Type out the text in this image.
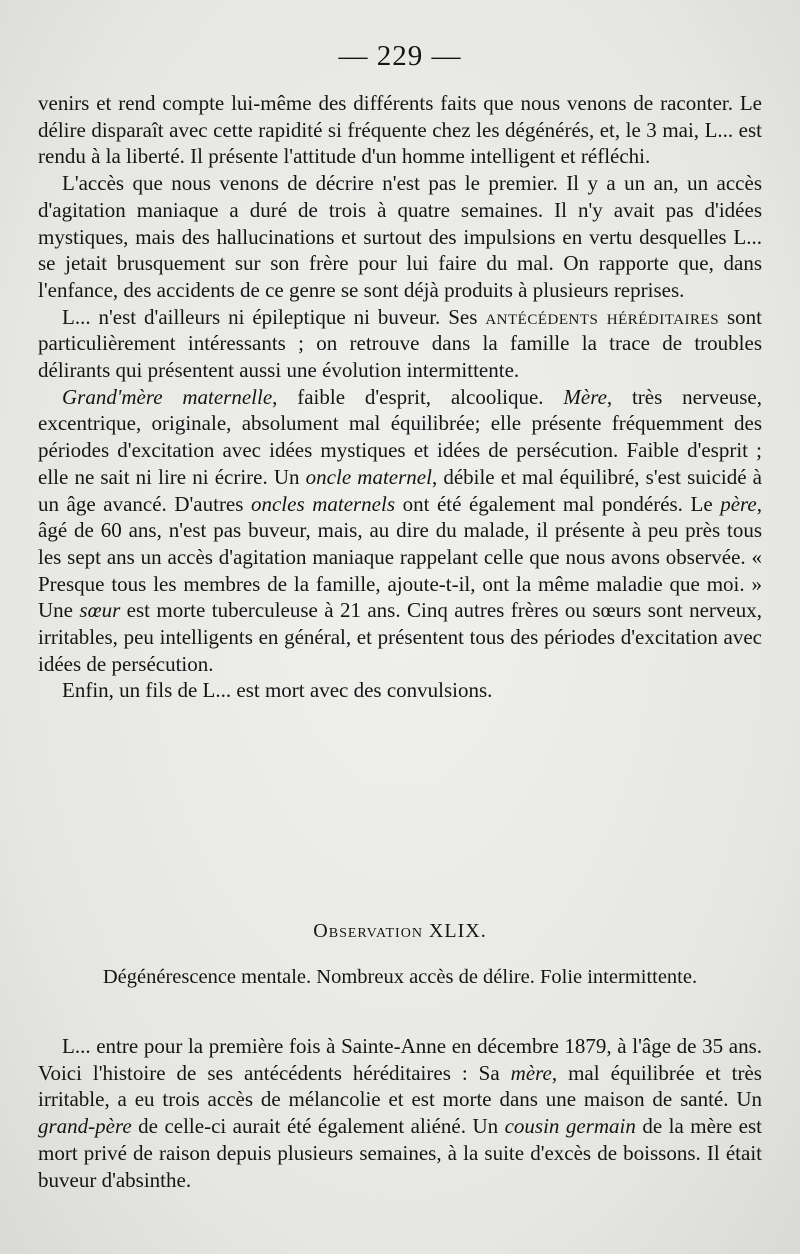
— 229 —

venirs et rend compte lui-même des différents faits que nous venons de raconter. Le délire disparaît avec cette rapidité si fréquente chez les dégénérés, et, le 3 mai, L... est rendu à la liberté. Il présente l'attitude d'un homme intelligent et réfléchi.

L'accès que nous venons de décrire n'est pas le premier. Il y a un an, un accès d'agitation maniaque a duré de trois à quatre semaines. Il n'y avait pas d'idées mystiques, mais des hallucinations et surtout des impulsions en vertu desquelles L... se jetait brusquement sur son frère pour lui faire du mal. On rapporte que, dans l'enfance, des accidents de ce genre se sont déjà produits à plusieurs reprises.

L... n'est d'ailleurs ni épileptique ni buveur. Ses antécédents héréditaires sont particulièrement intéressants ; on retrouve dans la famille la trace de troubles délirants qui présentent aussi une évolution intermittente.

Grand'mère maternelle, faible d'esprit, alcoolique. Mère, très nerveuse, excentrique, originale, absolument mal équilibrée; elle présente fréquemment des périodes d'excitation avec idées mystiques et idées de persécution. Faible d'esprit ; elle ne sait ni lire ni écrire. Un oncle maternel, débile et mal équilibré, s'est suicidé à un âge avancé. D'autres oncles maternels ont été également mal pondérés. Le père, âgé de 60 ans, n'est pas buveur, mais, au dire du malade, il présente à peu près tous les sept ans un accès d'agitation maniaque rappelant celle que nous avons observée. « Presque tous les membres de la famille, ajoute-t-il, ont la même maladie que moi. » Une sœur est morte tuberculeuse à 21 ans. Cinq autres frères ou sœurs sont nerveux, irritables, peu intelligents en général, et présentent tous des périodes d'excitation avec idées de persécution.

Enfin, un fils de L... est mort avec des convulsions.

Observation XLIX.
Dégénérescence mentale. Nombreux accès de délire. Folie intermittente.

L... entre pour la première fois à Sainte-Anne en décembre 1879, à l'âge de 35 ans. Voici l'histoire de ses antécédents héréditaires : Sa mère, mal équilibrée et très irritable, a eu trois accès de mélancolie et est morte dans une maison de santé. Un grand-père de celle-ci aurait été également aliéné. Un cousin germain de la mère est mort privé de raison depuis plusieurs semaines, à la suite d'excès de boissons. Il était buveur d'absinthe.
